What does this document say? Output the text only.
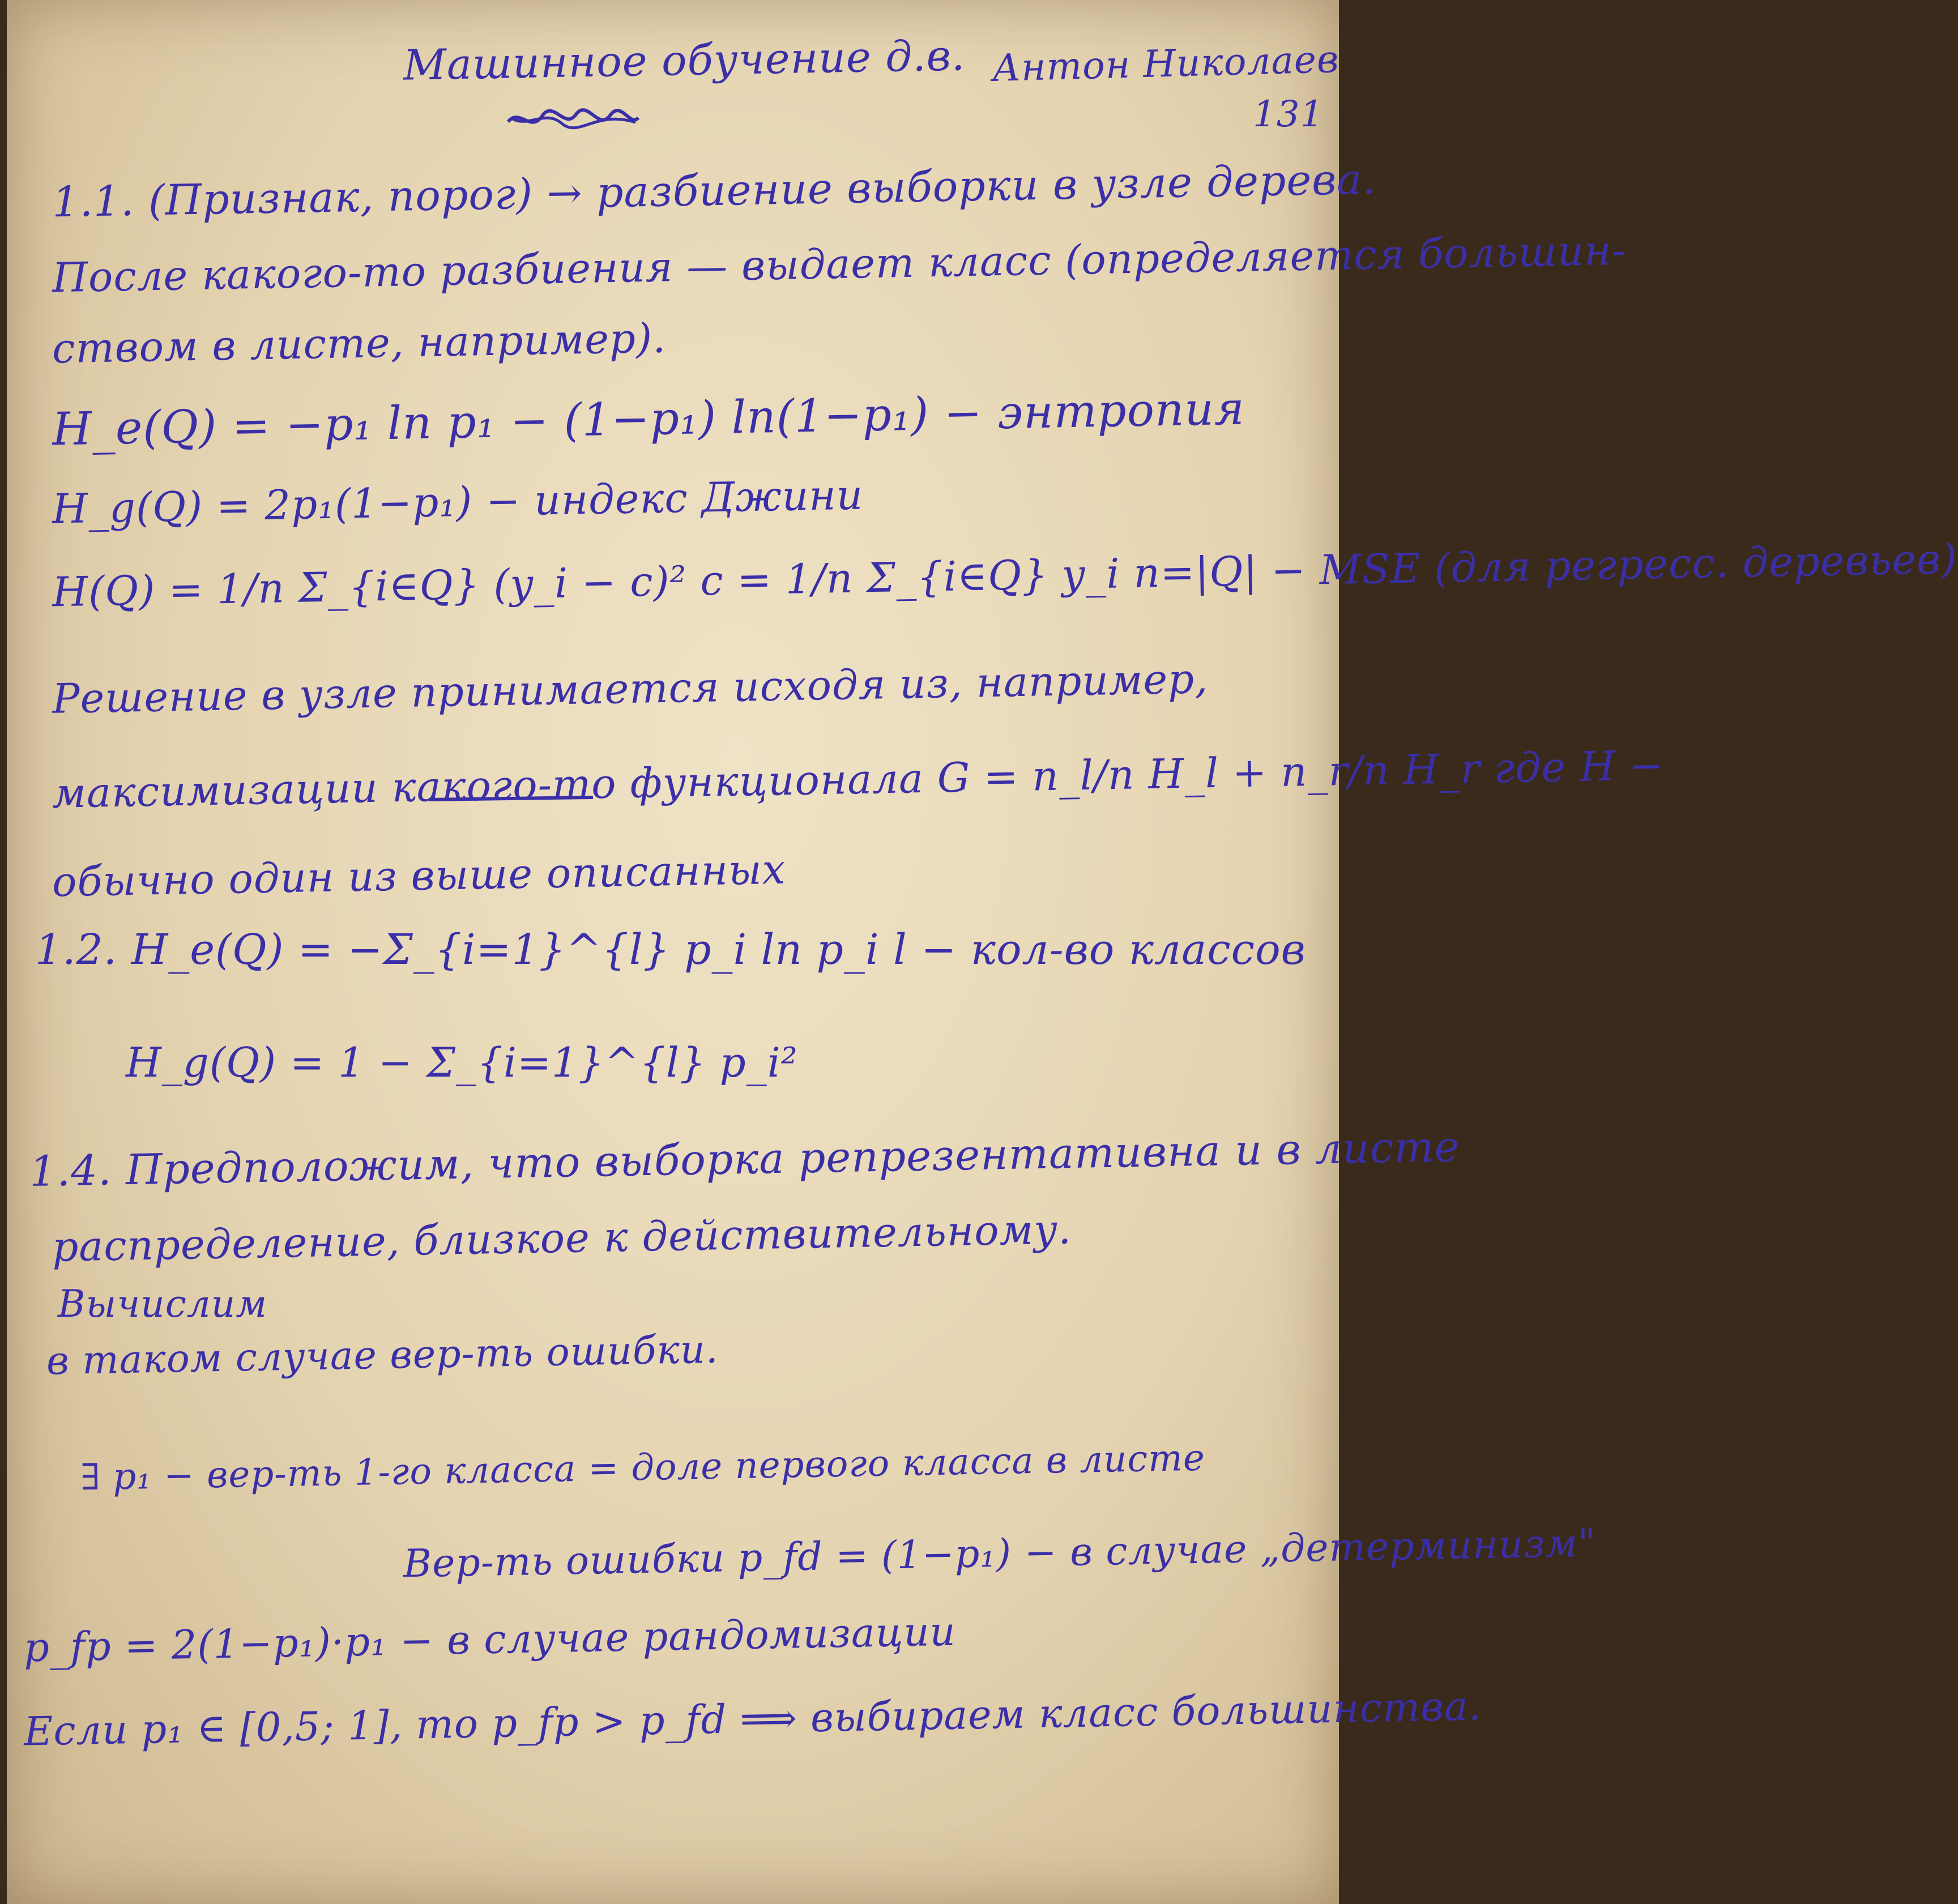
Машинное обучение д.в. Антон Николаев
131
1.1. (Признак, порог) → разбиение выборки в узле дерева.
После какого-то разбиения — выдает класс (определяется большин-
ством в листе, например).
H_e(Q) = −p₁ ln p₁ − (1−p₁) ln(1−p₁) − энтропия
H_g(Q) = 2p₁(1−p₁) − индекс Джини
H(Q) = 1/n Σ_{i∈Q} (y_i − c)² c = 1/n Σ_{i∈Q} y_i n=|Q| − MSE (для регресс. деревьев)
Решение в узле принимается исходя из, например,
максимизации какого-то функционала G = n_l/n H_l + n_r/n H_r где H −
обычно один из выше описанных
1.2. H_e(Q) = −Σ_{i=1}^{l} p_i ln p_i l − кол-во классов
H_g(Q) = 1 − Σ_{i=1}^{l} p_i²
1.4. Предположим, что выборка репрезентативна и в листе
распределение, близкое к действительному.
Вычислим
в таком случае вер-ть ошибки.
∃ p₁ − вер-ть 1-го класса = доле первого класса в листе
Вер-ть ошибки p_fd = (1−p₁) − в случае „детерминизм"
p_fp = 2(1−p₁)·p₁ − в случае рандомизации
Если p₁ ∈ [0,5; 1], то p_fp > p_fd ⟹ выбираем класс большинства.
